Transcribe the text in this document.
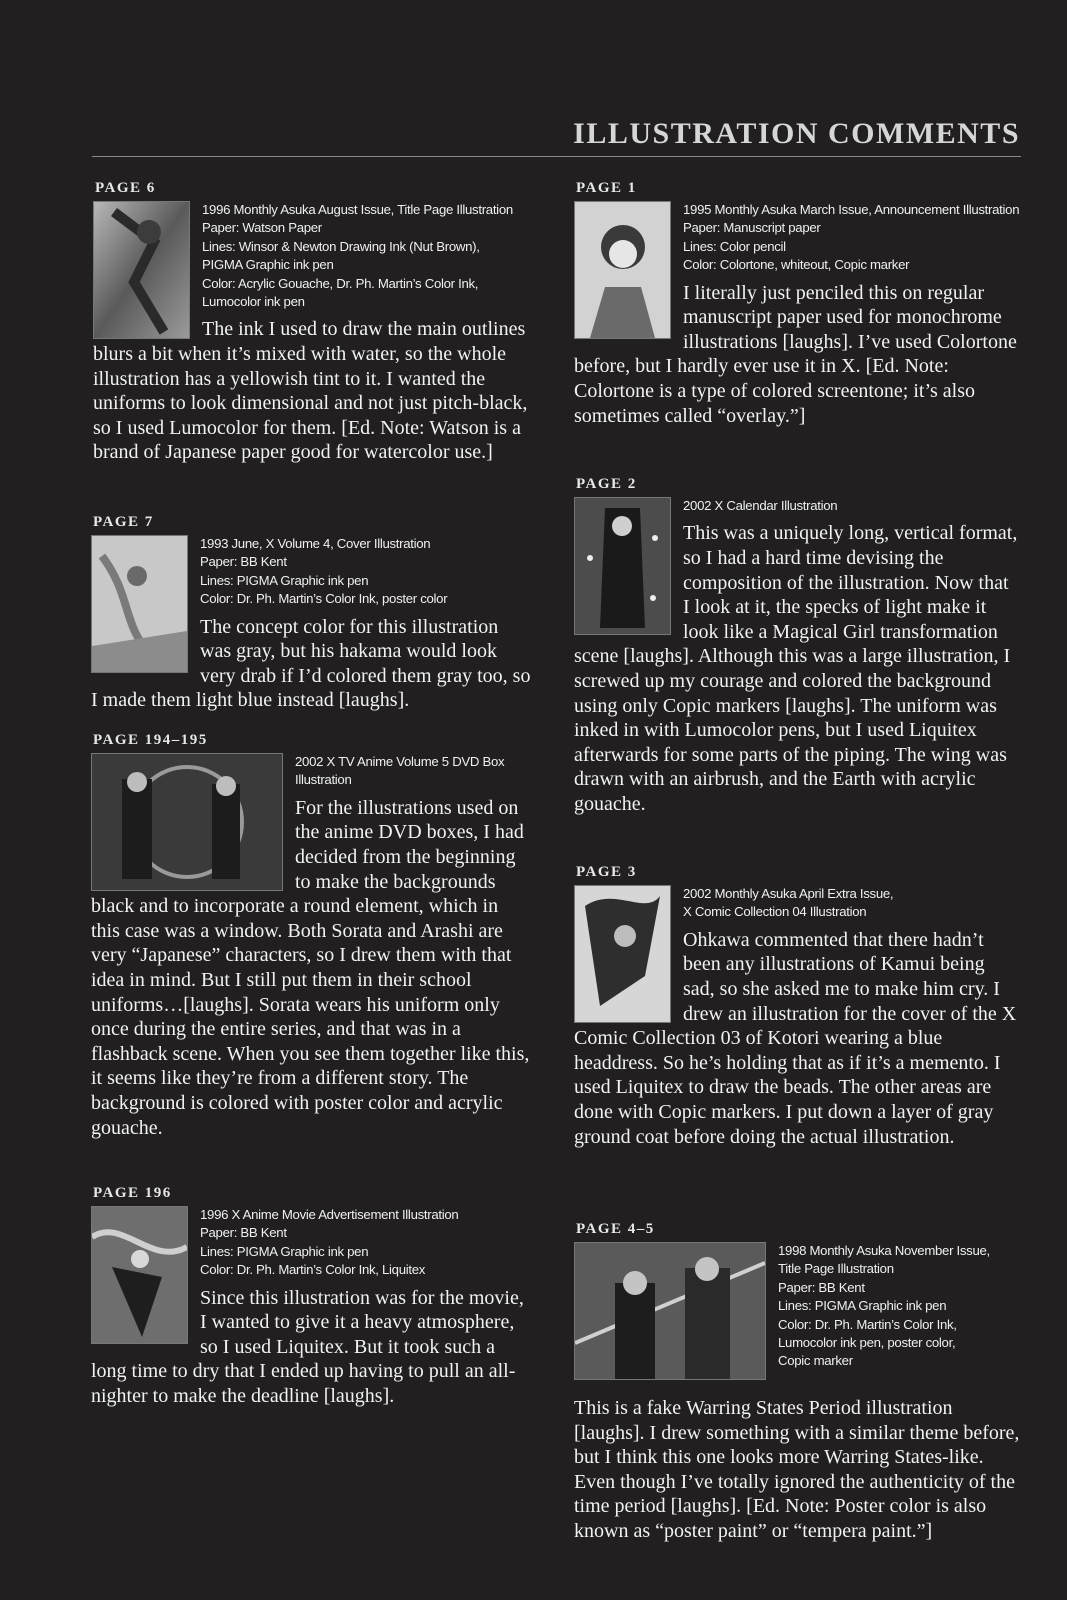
ILLUSTRATION COMMENTS
PAGE 6
1996 Monthly Asuka August Issue, Title Page Illustration
Paper: Watson Paper
Lines: Winsor & Newton Drawing Ink (Nut Brown),
PIGMA Graphic ink pen
Color: Acrylic Gouache, Dr. Ph. Martin’s Color Ink,
Lumocolor ink pen

The ink I used to draw the main outlines blurs a bit when it’s mixed with water, so the whole illustration has a yellowish tint to it. I wanted the uniforms to look dimensional and not just pitch-black, so I used Lumocolor for them. [Ed. Note: Watson is a brand of Japanese paper good for watercolor use.]

PAGE 7
1993 June, X Volume 4, Cover Illustration
Paper: BB Kent
Lines: PIGMA Graphic ink pen
Color: Dr. Ph. Martin’s Color Ink, poster color

The concept color for this illustration was gray, but his hakama would look very drab if I’d colored them gray too, so I made them light blue instead [laughs].

PAGE 194–195
2002 X TV Anime Volume 5 DVD Box
Illustration

For the illustrations used on the anime DVD boxes, I had decided from the beginning to make the backgrounds black and to incorporate a round element, which in this case was a window. Both Sorata and Arashi are very “Japanese” characters, so I drew them with that idea in mind. But I still put them in their school uniforms…[laughs]. Sorata wears his uniform only once during the entire series, and that was in a flashback scene. When you see them together like this, it seems like they’re from a different story. The background is colored with poster color and acrylic gouache.

PAGE 196
1996 X Anime Movie Advertisement Illustration
Paper: BB Kent
Lines: PIGMA Graphic ink pen
Color: Dr. Ph. Martin’s Color Ink, Liquitex

Since this illustration was for the movie, I wanted to give it a heavy atmosphere, so I used Liquitex. But it took such a long time to dry that I ended up having to pull an all-nighter to make the deadline [laughs].

PAGE 1
1995 Monthly Asuka March Issue, Announcement Illustration
Paper: Manuscript paper
Lines: Color pencil
Color: Colortone, whiteout, Copic marker

I literally just penciled this on regular manuscript paper used for monochrome illustrations [laughs]. I’ve used Colortone before, but I hardly ever use it in X. [Ed. Note: Colortone is a type of colored screentone; it’s also sometimes called “overlay.”]

PAGE 2
2002 X Calendar Illustration

This was a uniquely long, vertical format, so I had a hard time devising the composition of the illustration. Now that I look at it, the specks of light make it look like a Magical Girl transformation scene [laughs]. Although this was a large illustration, I screwed up my courage and colored the background using only Copic markers [laughs]. The uniform was inked in with Lumocolor pens, but I used Liquitex afterwards for some parts of the piping. The wing was drawn with an airbrush, and the Earth with acrylic gouache.

PAGE 3
2002 Monthly Asuka April Extra Issue,
X Comic Collection 04 Illustration

Ohkawa commented that there hadn’t been any illustrations of Kamui being sad, so she asked me to make him cry. I drew an illustration for the cover of the X Comic Collection 03 of Kotori wearing a blue headdress. So he’s holding that as if it’s a memento. I used Liquitex to draw the beads. The other areas are done with Copic markers. I put down a layer of gray ground coat before doing the actual illustration.

PAGE 4–5
1998 Monthly Asuka November Issue,
Title Page Illustration
Paper: BB Kent
Lines: PIGMA Graphic ink pen
Color: Dr. Ph. Martin’s Color Ink,
Lumocolor ink pen, poster color,
Copic marker

This is a fake Warring States Period illustration [laughs]. I drew something with a similar theme before, but I think this one looks more Warring States-like. Even though I’ve totally ignored the authenticity of the time period [laughs]. [Ed. Note: Poster color is also known as “poster paint” or “tempera paint.”]
